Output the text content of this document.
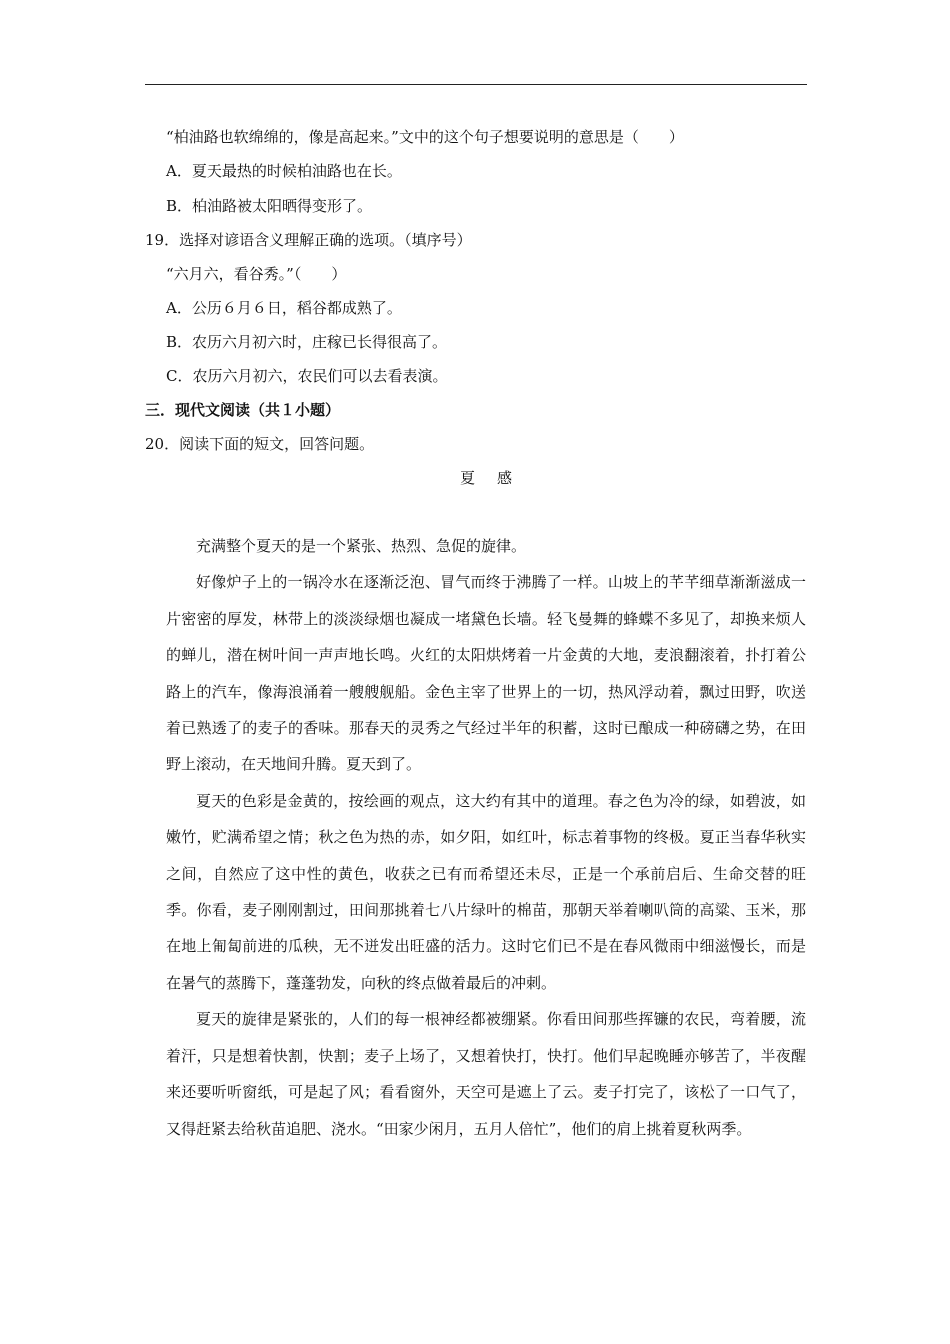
“柏油路也软绵绵的，像是高起来。”文中的这个句子想要说明的意思是（　　）
A．夏天最热的时候柏油路也在长。
B．柏油路被太阳晒得变形了。
19．选择对谚语含义理解正确的选项。（填序号）
“六月六，看谷秀。”（　　）
A．公历６月６日，稻谷都成熟了。
B．农历六月初六时，庄稼已长得很高了。
C．农历六月初六，农民们可以去看表演。
三．现代文阅读（共１小题）
20．阅读下面的短文，回答问题。
夏 感

充满整个夏天的是一个紧张、热烈、急促的旋律。

好像炉子上的一锅冷水在逐渐泛泡、冒气而终于沸腾了一样。山坡上的芊芊细草渐渐滋成一片密密的厚发，林带上的淡淡绿烟也凝成一堵黛色长墙。轻飞曼舞的蜂蝶不多见了，却换来烦人的蝉儿，潜在树叶间一声声地长鸣。火红的太阳烘烤着一片金黄的大地，麦浪翻滚着，扑打着公路上的汽车，像海浪涌着一艘艘舰船。金色主宰了世界上的一切，热风浮动着，飘过田野，吹送着已熟透了的麦子的香味。那春天的灵秀之气经过半年的积蓄，这时已酿成一种磅礴之势，在田野上滚动，在天地间升腾。夏天到了。

夏天的色彩是金黄的，按绘画的观点，这大约有其中的道理。春之色为冷的绿，如碧波，如嫩竹，贮满希望之情；秋之色为热的赤，如夕阳，如红叶，标志着事物的终极。夏正当春华秋实之间，自然应了这中性的黄色，收获之已有而希望还未尽，正是一个承前启后、生命交替的旺季。你看，麦子刚刚割过，田间那挑着七八片绿叶的棉苗，那朝天举着喇叭筒的高粱、玉米，那在地上匍匐前进的瓜秧，无不迸发出旺盛的活力。这时它们已不是在春风微雨中细滋慢长，而是在暑气的蒸腾下，蓬蓬勃发，向秋的终点做着最后的冲刺。

夏天的旋律是紧张的，人们的每一根神经都被绷紧。你看田间那些挥镰的农民，弯着腰，流着汗，只是想着快割，快割；麦子上场了，又想着快打，快打。他们早起晚睡亦够苦了，半夜醒来还要听听窗纸，可是起了风；看看窗外，天空可是遮上了云。麦子打完了，该松了一口气了，又得赶紧去给秋苗追肥、浇水。“田家少闲月，五月人倍忙”，他们的肩上挑着夏秋两季。
